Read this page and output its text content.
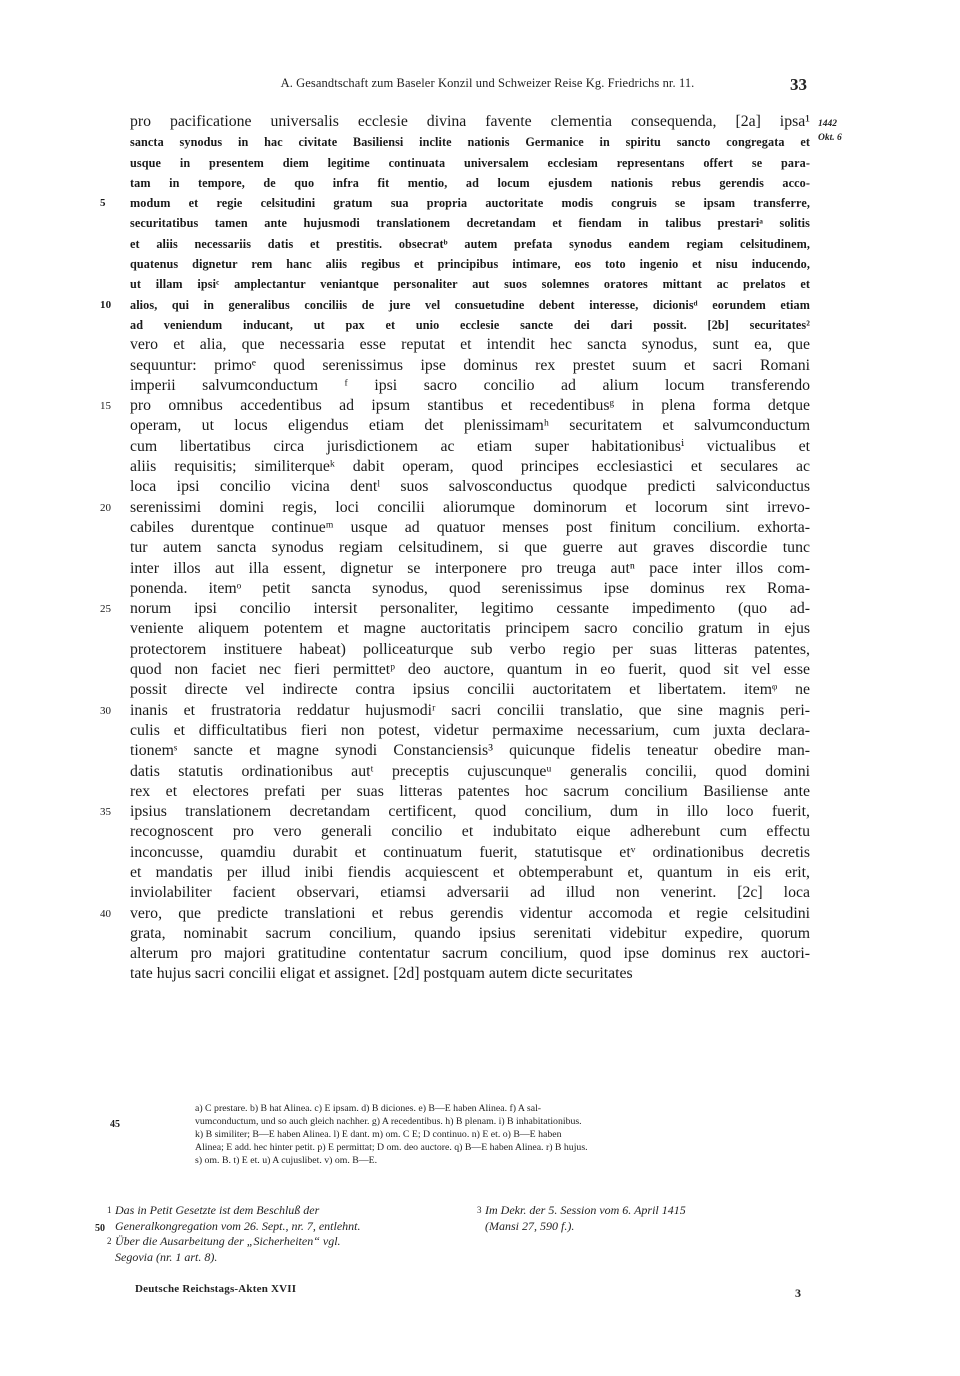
A. Gesandtschaft zum Baseler Konzil und Schweizer Reise Kg. Friedrichs nr. 11.	33
1442
Okt. 6
pro pacificatione universalis ecclesie divina favente clementia consequenda, [2a] ipsa¹
sancta synodus in hac civitate Basiliensi inclite nationis Germanice in spiritu sancto congregata et
usque in presentem diem legitime continuata universalem ecclesiam representans offert se para-
tam in tempore, de quo infra fit mentio, ad locum ejusdem nationis rebus gerendis acco-
5	modum et regie celsitudini gratum sua propria auctoritate modis congruis se ipsam transferre,
securitatibus tamen ante hujusmodi translationem decretandam et fiendam in talibus prestariᵃ solitis
et aliis necessariis datis et prestitis. obsecratᵇ autem prefata synodus eandem regiam celsitudinem,
quatenus dignetur rem hanc aliis regibus et principibus intimare, eos toto ingenio et nisu inducendo,
ut illam ipsiᶜ amplectantur veniantque personaliter aut suos solemnes oratores mittant ac prelatos et
10	alios, qui in generalibus conciliis de jure vel consuetudine debent interesse, dicionisᵈ eorundem etiam
ad veniendum inducant, ut pax et unio ecclesie sancte dei dari possit. [2b] securitates²
vero et alia, que necessaria esse reputat et intendit hec sancta synodus, sunt ea, que
sequuntur: primoᵉ quod serenissimus ipse dominus rex prestet suum et sacri Romani
imperii salvumconductum ᶠ ipsi sacro concilio ad alium locum transferendo
15	pro omnibus accedentibus ad ipsum stantibus et recedentibusᵍ in plena forma detque
operam, ut locus eligendus etiam det plenissimamʰ securitatem et salvumconductum
cum libertatibus circa jurisdictionem ac etiam super habitationibusⁱ victualibus et
aliis requisitis; similiterqueᵏ dabit operam, quod principes ecclesiastici et seculares ac
loca ipsi concilio vicina dentˡ suos salvosconductus quodque predicti salviconductus
20	serenissimi domini regis, loci concilii aliorumque dominorum et locorum sint irrevo-
cabiles durentque continueᵐ usque ad quatuor menses post finitum concilium. exhorta-
tur autem sancta synodus regiam celsitudinem, si que guerre aut graves discordie tunc
inter illos aut illa essent, dignetur se interponere pro treuga autⁿ pace inter illos com-
ponenda. itemᵒ petit sancta synodus, quod serenissimus ipse dominus rex Roma-
25	norum ipsi concilio intersit personaliter, legitimo cessante impedimento (quo ad-
veniente aliquem potentem et magne auctoritatis principem sacro concilio gratum in ejus
protectorem instituere habeat) polliceaturque sub verbo regio per suas litteras patentes,
quod non faciet nec fieri permittetᵖ deo auctore, quantum in eo fuerit, quod sit vel esse
possit directe vel indirecte contra ipsius concilii auctoritatem et libertatem. itemᵠ ne
30	inanis et frustratoria reddatur hujusmodiʳ sacri concilii translatio, que sine magnis peri-
culis et difficultatibus fieri non potest, videtur permaxime necessarium, cum juxta declara-
tionemˢ sancte et magne synodi Constanciensis³ quicunque fidelis teneatur obedire man-
datis statutis ordinationibus autᵗ preceptis cujuscunqueᵘ generalis concilii, quod domini
rex et electores prefati per suas litteras patentes hoc sacrum concilium Basiliense ante
35	ipsius translationem decretandam certificent, quod concilium, dum in illo loco fuerit,
recognoscent pro vero generali concilio et indubitato eique adherebunt cum effectu
inconcusse, quamdiu durabit et continuatum fuerit, statutisque etᵛ ordinationibus decretis
et mandatis per illud inibi fiendis acquiescent et obtemperabunt et, quantum in eis erit,
inviolabiliter facient observari, etiamsi adversarii ad illud non venerint. [2c] loca
40	vero, que predicte translationi et rebus gerendis videntur accomoda et regie celsitudini
grata, nominabit sacrum concilium, quando ipsius serenitati videbitur expedire, quorum
alterum pro majori gratitudine contentatur sacrum concilium, quod ipse dominus rex auctori-
tate hujus sacri concilii eligat et assignet. [2d] postquam autem dicte securitates
45
a) C prestare. b) B hat Alinea. c) E ipsam. d) B diciones. e) B—E haben Alinea. f) A sal-
vumconductum, und so auch gleich nachher. g) A recedentibus. h) B plenam. i) B inhabitationibus.
k) B similiter; B—E haben Alinea. l) E dant. m) om. C E; D continuo. n) E et. o) B—E haben
Alinea; E add. hec hinter petit. p) E permittat; D om. deo auctore. q) B—E haben Alinea. r) B hujus.
s) om. B. t) E et. u) A cujuslibet. v) om. B—E.
50
1 Das in Petit Gesetzte ist dem Beschluß der
Generalkongregation vom 26. Sept., nr. 7, entlehnt.
2 Über die Ausarbeitung der „Sicherheiten“ vgl.
Segovia (nr. 1 art. 8).
3 Im Dekr. der 5. Session vom 6. April 1415
(Mansi 27, 590 f.).
Deutsche Reichstags-Akten XVII	3
